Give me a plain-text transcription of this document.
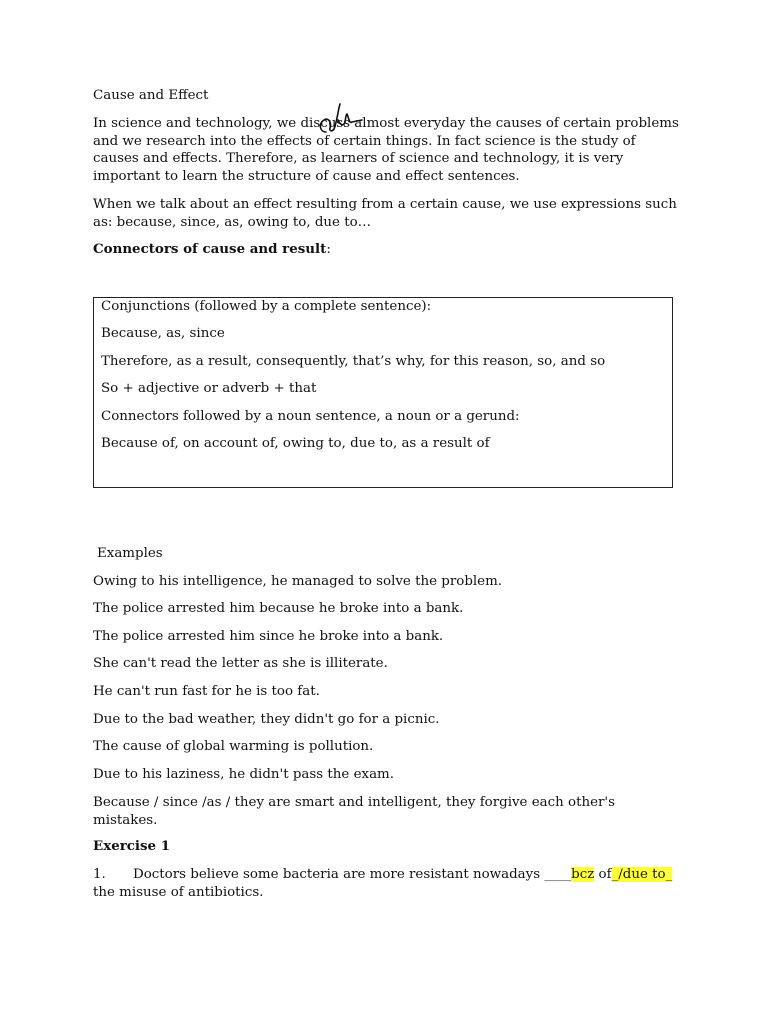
Cause and Effect
In science and technology, we discuss almost everyday the causes of certain problems and we research into the effects of certain things. In fact science is the study of causes and effects. Therefore, as learners of science and technology, it is very important to learn the structure of cause and effect sentences.
When we talk about an effect resulting from a certain cause, we use expressions such as: because, since, as, owing to, due to…
Connectors of cause and result:
Conjunctions (followed by a complete sentence):
Because, as, since
Therefore, as a result, consequently, that’s why, for this reason, so, and so
So + adjective or adverb + that
Connectors followed by a noun sentence, a noun or a gerund:
Because of, on account of, owing to, due to, as a result of
Examples
Owing to his intelligence, he managed to solve the problem.
The police arrested him because he broke into a bank.
The police arrested him since he broke into a bank.
She can't read the letter as she is illiterate.
He can't run fast for he is too fat.
Due to the bad weather, they didn't go for a picnic.
The cause of global warming is pollution.
Due to his laziness, he didn't pass the exam.
Because / since /as / they are smart and intelligent, they forgive each other's mistakes.
Exercise 1
1. Doctors believe some bacteria are more resistant nowadays ____bcz of_/due to_ the misuse of antibiotics.
